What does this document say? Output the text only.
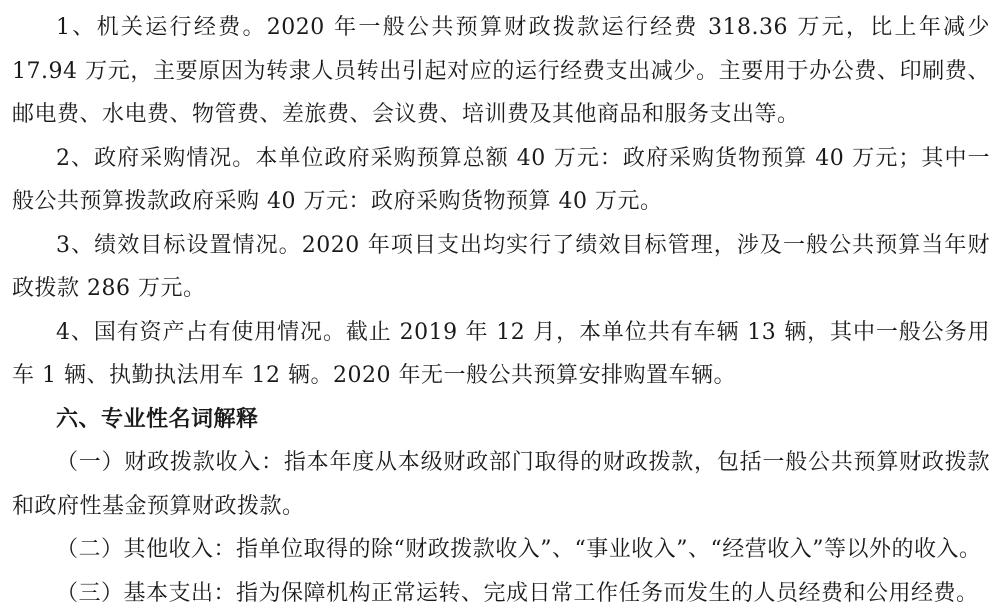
1、机关运行经费。2020 年一般公共预算财政拨款运行经费 318.36 万元，比上年减少 17.94 万元，主要原因为转隶人员转出引起对应的运行经费支出减少。主要用于办公费、印刷费、邮电费、水电费、物管费、差旅费、会议费、培训费及其他商品和服务支出等。

2、政府采购情况。本单位政府采购预算总额 40 万元：政府采购货物预算 40 万元；其中一般公共预算拨款政府采购 40 万元：政府采购货物预算 40 万元。

3、绩效目标设置情况。2020 年项目支出均实行了绩效目标管理，涉及一般公共预算当年财政拨款 286 万元。

4、国有资产占有使用情况。截止 2019 年 12 月，本单位共有车辆 13 辆，其中一般公务用车 1 辆、执勤执法用车 12 辆。2020 年无一般公共预算安排购置车辆。

六、专业性名词解释

（一）财政拨款收入：指本年度从本级财政部门取得的财政拨款，包括一般公共预算财政拨款和政府性基金预算财政拨款。

（二）其他收入：指单位取得的除“财政拨款收入”、“事业收入”、“经营收入”等以外的收入。

（三）基本支出：指为保障机构正常运转、完成日常工作任务而发生的人员经费和公用经费。
